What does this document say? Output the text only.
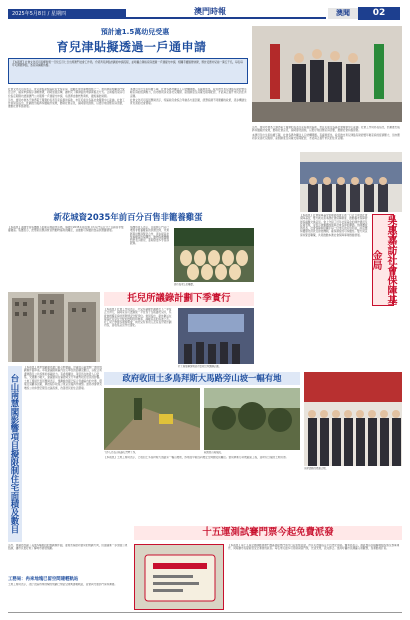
2025年5月8日 / 星期四	澳門時報	澳聞	02
預計逾1.5萬幼兒受惠
育兒津貼擬透過一戶通申請
【本報訊】社會文化司司長柳智毅一行於五月七日出席澳門社會工作局，介紹育兒津貼計劃的申請流程，並呼籲合資格家庭透過一戶通提交申請，相關手續簡便快捷，預計受惠幼兒逾一萬五千名，每名每年可獲發津貼，為家庭減輕負擔。

社會文化司司長表示，育兒津貼是特區政府支持家庭、鼓勵生育的重要措施之一。當局將與相關部門緊密合作，確保申請程序清晰便捷，同時加強宣傳，讓市民了解津貼的申請資格及方式。合資格的家庭可於指定期間內透過澳門公共服務一戶通提交申請，系統將自動核對資料，縮短審批時間。

另外，當局亦會為不熟悉電子服務的長者及家庭提供協助，市民可前往各區社會服務中心查詢。社會工作局局長指出，計劃推出後將持續檢討成效，聽取社會意見，適時優化措施，以更好地回應家庭需要，推動社會和諧發展。

本澳近年出生率持續下降，社會各界均關注人口結構問題。有議員認為，政府推出育兒津貼有助紓緩年輕家庭的經濟壓力，但亦應同步完善托兒服務、產假制度及房屋支援等配套，才能真正提升市民的生育意願。

社會文化司司長回應時表示，特區政府會綜合考慮各方面因素，統籌協調不同範疇的政策，逐步構建生育友善的社會環境。

另外，當局亦會為不熟悉電子服務的長者及家庭提供協助，市民可前往各區社會服務中心查詢。社會工作局局長指出，計劃推出後將持續檢討成效，聽取社會意見，適時優化措施，以更好地回應家庭需要，推動社會和諧發展。

本澳近年出生率持續下降，社會各界均關注人口結構問題。有議員認為，政府推出育兒津貼有助紓緩年輕家庭的經濟壓力，但亦應同步完善托兒服務、產假制度及房屋支援等配套，才能真正提升市民的生育意願。

新花城資2035年前百分百售非籠養雞蛋

【本報訊】美國零售集團旗下的新花城超市宣佈，承諾於2035年前在旗下所有門店百分之百銷售非籠養雞蛋。集團表示，此舉是回應消費者對動物福利的關注，並推動可持續的食品供應鏈發展。

集團負責人表示，目前旗下門店已增加非籠養雞蛋的供應比例，未來將與供應商緊密合作，逐步提高非籠養雞蛋的採購量。動物保護團體對此表示歡迎，並期望更多零售商跟進。

超市貨架上的雞蛋。	吳惠嘉訪社會保障基金局
【本報訊】社會保障基金管理委員會主席一行近日拜訪社會保障基金，雙方就完善本澳社會保障制度、推動養老保障發展等議題交換意見。會上介紹了近年社保基金的運作情況及投資表現，並表示會繼續加強與社會各界的溝通。訪問團成員認為，社會保障制度關乎每一位市民的切身利益，政府應持續優化供款及發放機制，確保制度的可持續性。雙方同意保持緊密聯繫，共同推動本澳社會保障事業穩健發展。
托兒所議錄計劃下季實行
【本報訊】社會工作局表示，托兒所議錄計劃將於下一季度正式實行，屆時家長可透過統一平台為子女報讀托兒所，系統會根據家庭的實際情況分配學位。當局指出，新計劃旨在提高托兒學位分配的透明度和效率，減輕家長的奔波之苦。社工局已舉辦多場說明會，向托兒所負責人及家長介紹計劃內容，並收集意見作出優化。
社工局舉辦說明會介紹托兒所議錄計劃。
台山南慧閣影響項目擬限制住宅面積及數目

【本報訊】城市規劃委員會日前召開會議，討論台山南慧閣一帶的規劃條件圖草案。草案建議限制區內住宅單位的面積及數目，以配合周邊道路及公共設施的承載能力。有委員關注，項目所在地段人口密集，交通壓力較大，建議當局在審批時充分考慮對附近居民的影響。

土地工務局代表回應時表示，規劃條件圖已綜合考慮區內的交通、環境及景觀等因素，將按程序收集公眾意見後再作調整。當局亦會研究增設公共休憩空間及社區設施，改善居民的生活環境。

另外，會議亦討論了其他多幅地段的規劃條件圖，委員普遍認同當局的規劃方向，但建議進一步加強公眾諮詢，讓市民更好地了解城市發展規劃。

工務局：冉來地塊已留空間建輕軌站
土地工務局表示，氹仔北區冉來地塊的規劃已預留空間興建輕軌站，並會與交通部門保持溝通。
政府收回土多鳥拜斯大馬路旁山坡一幅有地
工作人員在山坡進行清理工作。	收回的山坡地段。
【本報訊】土地工務局表示，已收回土多鳥拜斯大馬路旁一幅山坡地，該地段早前因斜坡安全問題受到關注。當局將進行斜坡鞏固工程，並研究日後的土地用途。
出席活動的嘉賓合照。
十五運測試賽門票今起免費派發
【本報訊】第十五屆全國運動會澳門賽區測試賽門票今日起免費派發，市民可透過指定平台登記索取。體育局表示，測試賽旨在檢驗場館設施及賽事運作，同時讓市民提前感受全運會的氣氛。每名市民最多可索取兩張門票，先到先得，派完即止。當局呼籲市民踴躍入場觀賽，為運動員打氣。
